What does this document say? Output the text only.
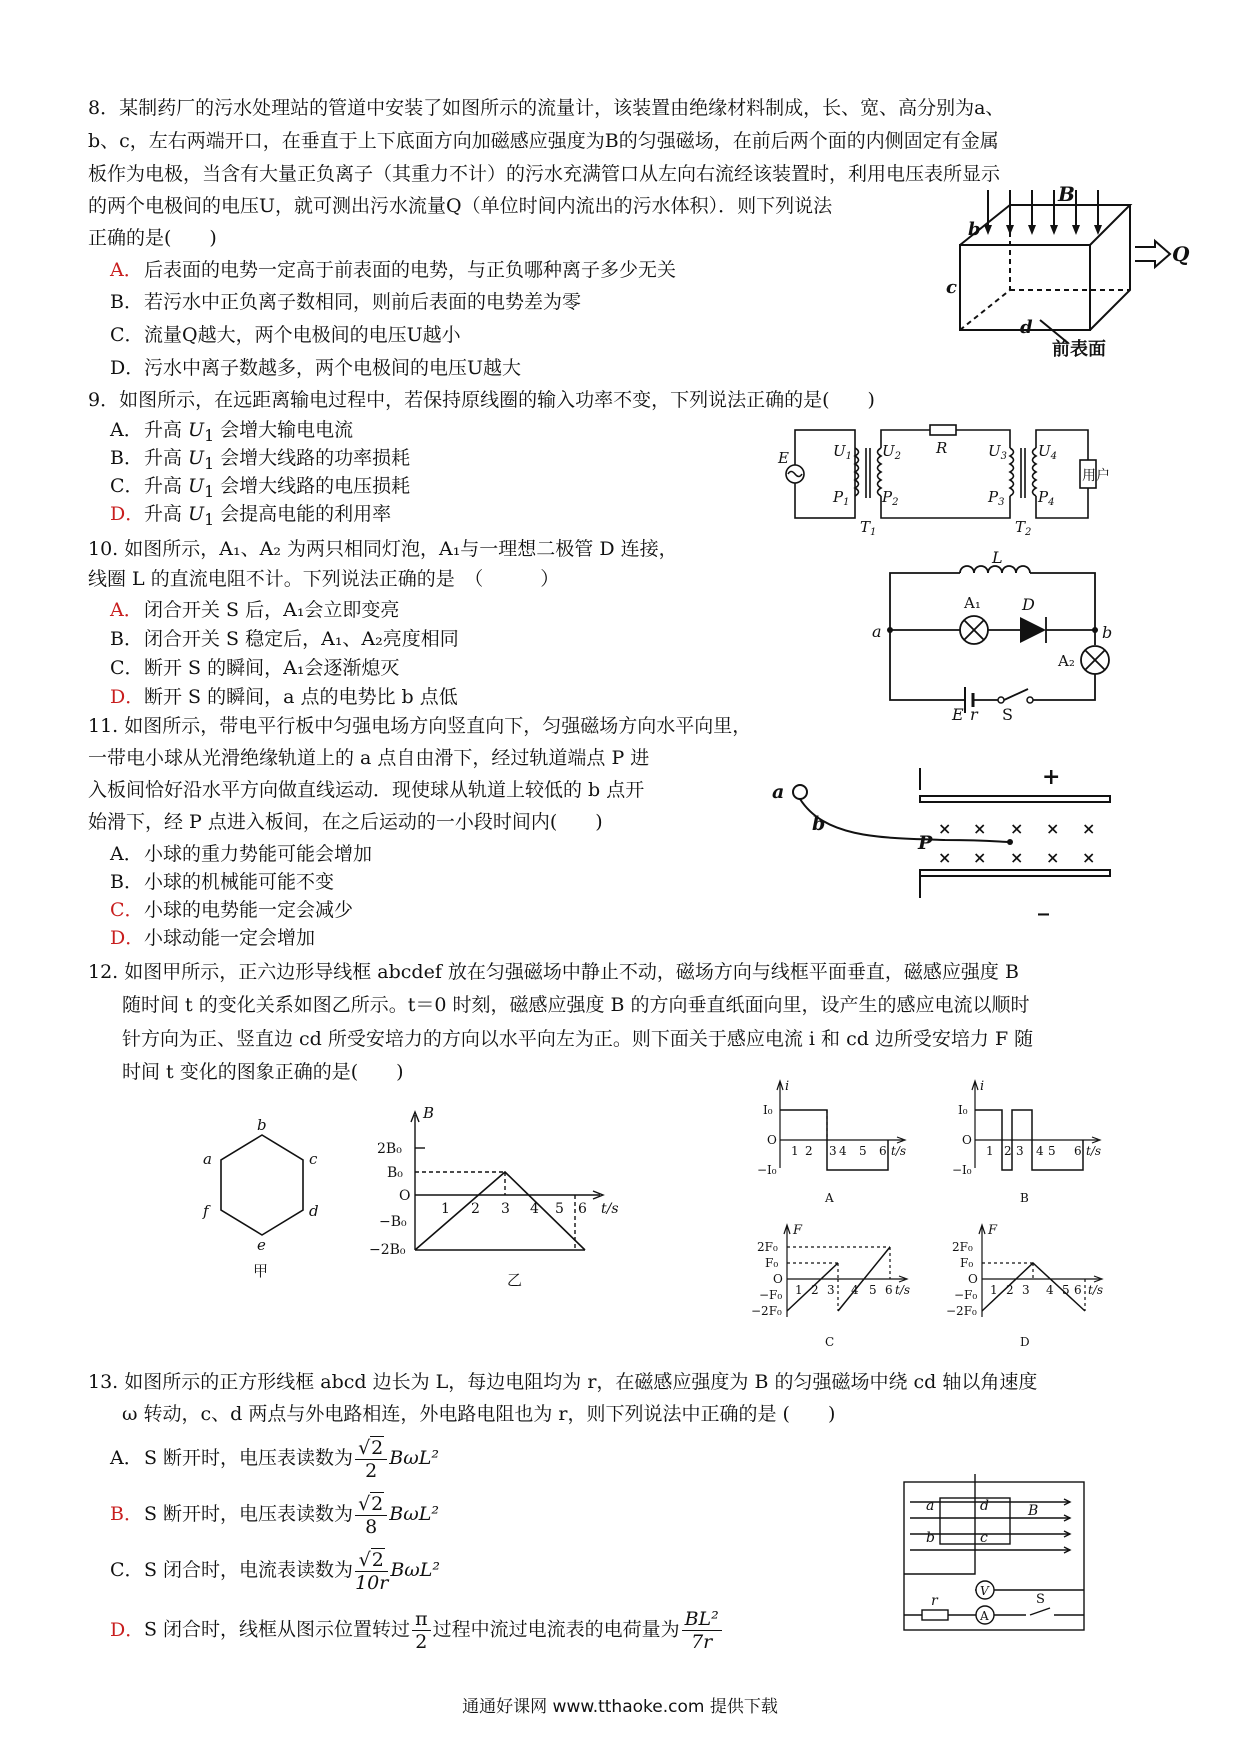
8．某制药厂的污水处理站的管道中安装了如图所示的流量计，该装置由绝缘材料制成，长、宽、高分别为a、
b、c，左右两端开口，在垂直于上下底面方向加磁感应强度为B的匀强磁场，在前后两个面的内侧固定有金属
板作为电极，当含有大量正负离子（其重力不计）的污水充满管口从左向右流经该装置时，利用电压表所显示
的两个电极间的电压U，就可测出污水流量Q（单位时间内流出的污水体积）．则下列说法
正确的是(　　)
A．后表面的电势一定高于前表面的电势，与正负哪种离子多少无关
B．若污水中正负离子数相同，则前后表面的电势差为零
C．流量Q越大，两个电极间的电压U越小
D．污水中离子数越多，两个电极间的电压U越大
b
B
c
d
Q
前表面
9．如图所示，在远距离输电过程中，若保持原线圈的输入功率不变，下列说法正确的是(　　)
A．升高 $U_1$ 会增大输电电流
B．升高 $U_1$ 会增大线路的功率损耗
C．升高 $U_1$ 会增大线路的电压损耗
D．升高 $U_1$ 会提高电能的利用率
E	$U_1$
$P_1$
$U_2$
$P_2$
$T_1$
R	$U_3$
$P_3$
$U_4$
$P_4$
$T_2$
用户
10. 如图所示，A₁、A₂ 为两只相同灯泡，A₁与一理想二极管 D 连接，
线圈 L 的直流电阻不计。下列说法正确的是　（　　　）
A．闭合开关 S 后，A₁会立即变亮
B．闭合开关 S 稳定后，A₁、A₂亮度相同
C．断开 S 的瞬间，A₁会逐渐熄灭
D．断开 S 的瞬间，a 点的电势比 b 点低
L
A₁	D
a	b
A₂
E r S
11. 如图所示，带电平行板中匀强电场方向竖直向下，匀强磁场方向水平向里，
一带电小球从光滑绝缘轨道上的 a 点自由滑下，经过轨道端点 P 进
入板间恰好沿水平方向做直线运动．现使球从轨道上较低的 b 点开
始滑下，经 P 点进入板间，在之后运动的一小段时间内(　　)
A．小球的重力势能可能会增加
B．小球的机械能可能不变
C．小球的电势能一定会减少
D．小球动能一定会增加
a
b
P
+
_
× × × × ×
× × × × ×
12. 如图甲所示，正六边形导线框 abcdef 放在匀强磁场中静止不动，磁场方向与线框平面垂直，磁感应强度 B
随时间 t 的变化关系如图乙所示。t＝0 时刻，磁感应强度 B 的方向垂直纸面向里，设产生的感应电流以顺时
针方向为正、竖直边 cd 所受安培力的方向以水平向左为正。则下面关于感应电流 i 和 cd 边所受安培力 F 随
时间 t 变化的图象正确的是(　　)
b
a	c
f	d
e
甲
B
2B₀
B₀
O
−B₀
−2B₀
1 2 3 4 5 6 t/s
乙
i
I₀
O
−I₀
1 2 3 4 5 6 t/s
A
i
I₀
O
−I₀
1 2 3 4 5 6 t/s
B
F
2F₀
F₀
O
−F₀
−2F₀
1 2 3 4 5 6 t/s
C
F
2F₀
F₀
O
−F₀
−2F₀
1 2 3 4 5 6 t/s
D
13. 如图所示的正方形线框 abcd 边长为 L，每边电阻均为 r，在磁感应强度为 B 的匀强磁场中绕 cd 轴以角速度
ω 转动，c、d 两点与外电路相连，外电路电阻也为 r，则下列说法中正确的是 (　　)
A．S 断开时，电压表读数为 $\frac{√2}{2} B\omega L^2$
B．S 断开时，电压表读数为 $\frac{√2}{8} B\omega L^2$
C．S 闭合时，电流表读数为 $\frac{√2}{10r} B\omega L^2$
D．S 闭合时，线框从图示位置转过 $\frac{\pi}{2}$ 过程中流过电流表的电荷量为 $\frac{\text{BL²}}{7r}$
a	d	B
b	c
V
r
A
S
通通好课网 www.tthaoke.com 提供下载
